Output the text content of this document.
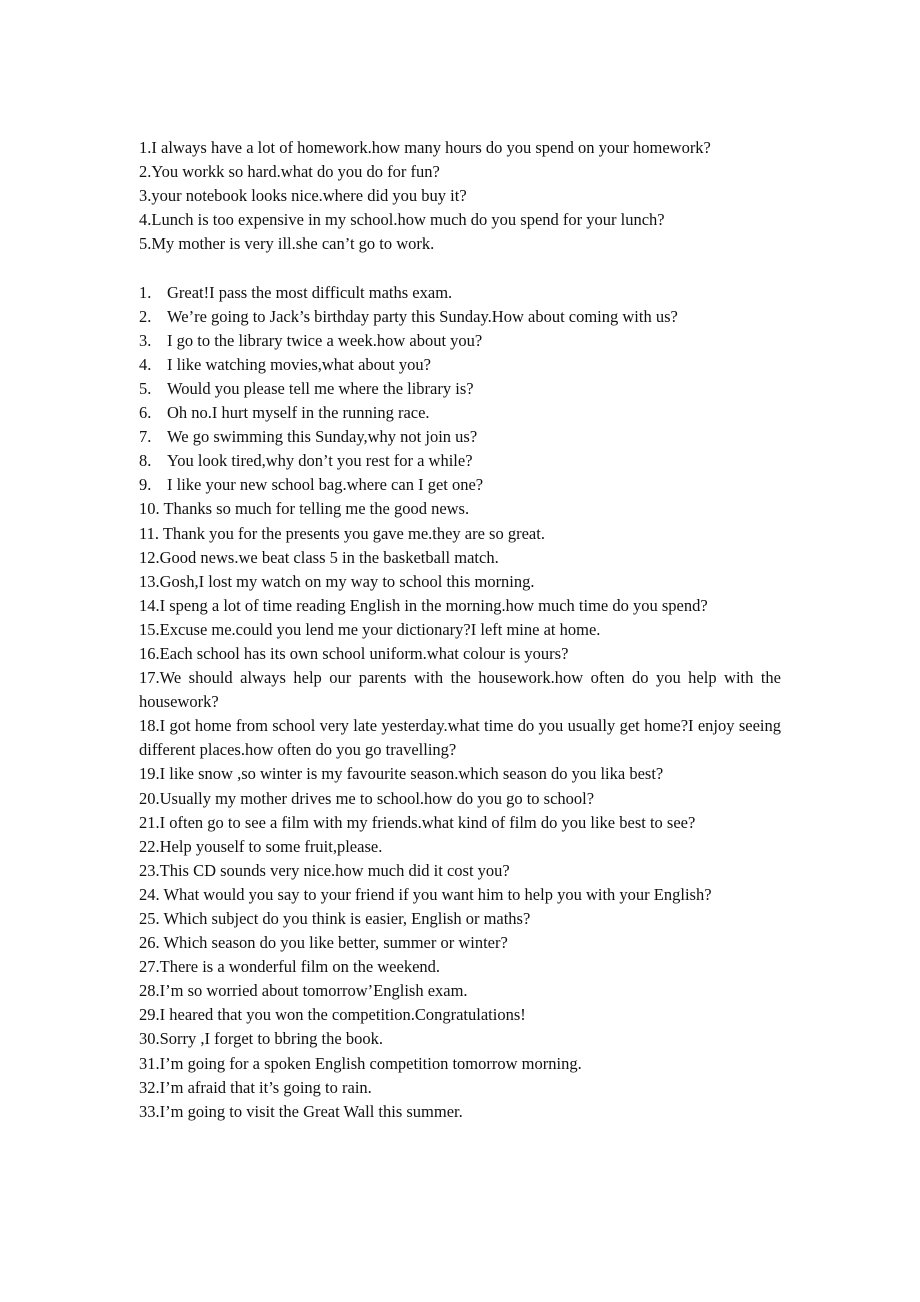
1.I always have a lot of homework.how many hours do you spend on your homework?
2.You workk so hard.what do you do for fun?
3.your notebook looks nice.where did you buy it?
4.Lunch is too expensive in my school.how much do you spend for your lunch?
5.My mother is very ill.she can’t go to work.
1. Great!I pass the most difficult maths exam.
2. We’re going to Jack’s birthday party this Sunday.How about coming with us?
3. I go to the library twice a week.how about you?
4. I like watching movies,what about you?
5. Would you please tell me where the library is?
6. Oh no.I hurt myself in the running race.
7. We go swimming this Sunday,why not join us?
8. You look tired,why don’t you rest for a while?
9. I like your new school bag.where can I get one?
10. Thanks so much for telling me the good news.
11. Thank you for the presents you gave me.they are so great.
12.Good news.we beat class 5 in the basketball match.
13.Gosh,I lost my watch on my way to school this morning.
14.I speng a lot of time reading English in the morning.how much time do you spend?
15.Excuse me.could you lend me your dictionary?I left mine at home.
16.Each school has its own school uniform.what colour is yours?
17.We should always help our parents with the housework.how often do you help with the housework?
18.I got home from school very late yesterday.what time do you usually get home?I enjoy seeing different places.how often do you go travelling?
19.I like snow ,so winter is my favourite season.which season do you lika best?
20.Usually my mother drives me to school.how do you go to school?
21.I often go to see a film with my friends.what kind of film do you like best to see?
22.Help youself to some fruit,please.
23.This CD sounds very nice.how much did it cost you?
24. What would you say to your friend if you want him to help you with your English?
25. Which subject do you think is easier, English or maths?
26. Which season do you like better, summer or winter?
27.There is a wonderful film on the weekend.
28.I’m so worried about tomorrow’English exam.
29.I heared that you won the competition.Congratulations!
30.Sorry ,I forget to bbring the book.
31.I’m going for a spoken English competition tomorrow morning.
32.I’m afraid that it’s going to rain.
33.I’m going to visit the Great Wall this summer.
